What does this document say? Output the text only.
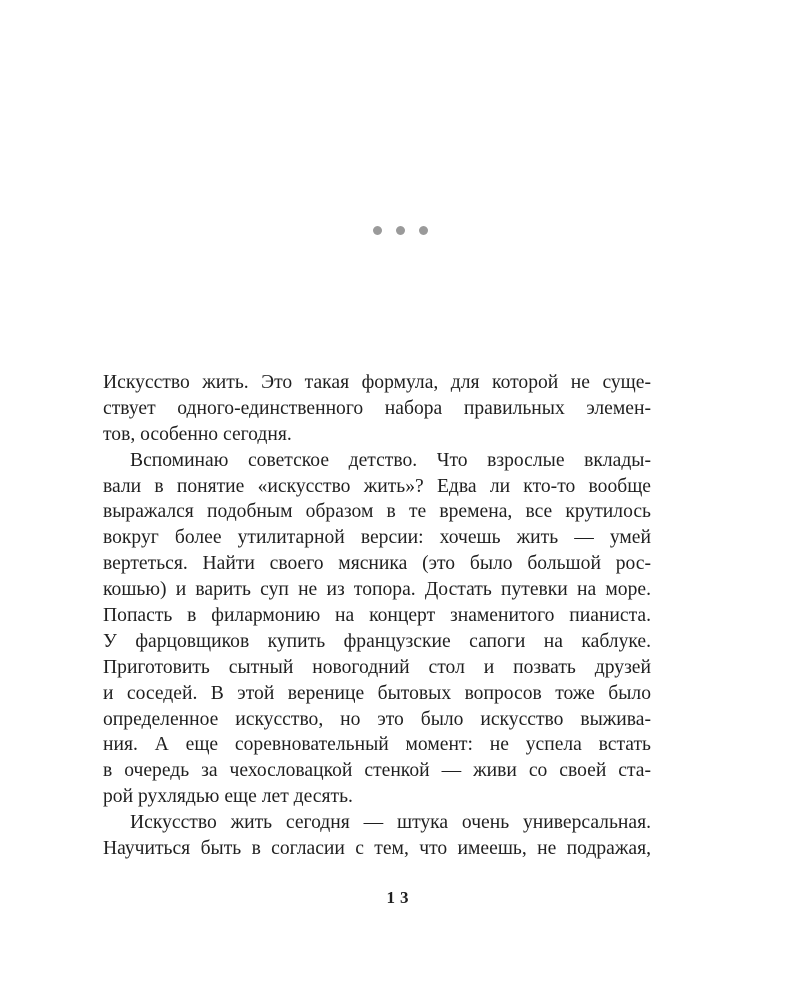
Искусство жить. Это такая формула, для которой не суще-
ствует одного-единственного набора правильных элемен-
тов, особенно сегодня.
Вспоминаю советское детство. Что взрослые вклады-
вали в понятие «искусство жить»? Едва ли кто-то вообще
выражался подобным образом в те времена, все крутилось
вокруг более утилитарной версии: хочешь жить — умей
вертеться. Найти своего мясника (это было большой рос-
кошью) и варить суп не из топора. Достать путевки на море.
Попасть в филармонию на концерт знаменитого пианиста.
У фарцовщиков купить французские сапоги на каблуке.
Приготовить сытный новогодний стол и позвать друзей
и соседей. В этой веренице бытовых вопросов тоже было
определенное искусство, но это было искусство выжива-
ния. А еще соревновательный момент: не успела встать
в очередь за чехословацкой стенкой — живи со своей ста-
рой рухлядью еще лет десять.
Искусство жить сегодня — штука очень универсальная.
Научиться быть в согласии с тем, что имеешь, не подражая,
13
